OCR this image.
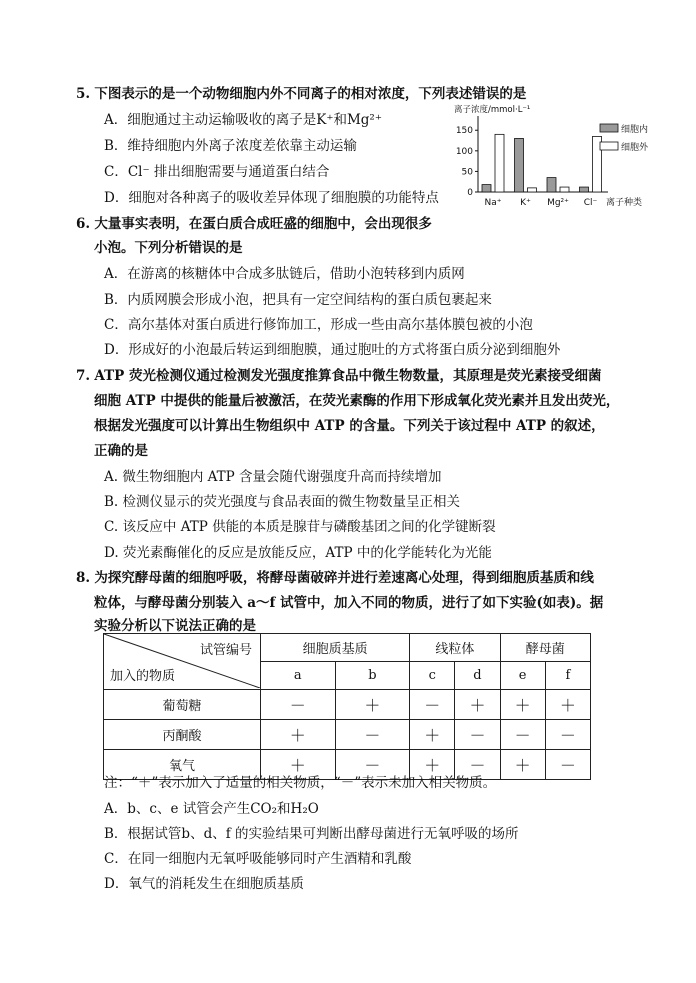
5. 下图表示的是一个动物细胞内外不同离子的相对浓度，下列表述错误的是
A．细胞通过主动运输吸收的离子是K⁺和Mg²⁺
B．维持细胞内外离子浓度差依靠主动运输
C．Cl⁻ 排出细胞需要与通道蛋白结合
D．细胞对各种离子的吸收差异体现了细胞膜的功能特点
离子浓度/mmol·L⁻¹
0
50
100
150
Na⁺ K⁺ Mg²⁺ Cl⁻ 离子种类
细胞内
细胞外
6. 大量事实表明，在蛋白质合成旺盛的细胞中，会出现很多
小泡。下列分析错误的是
A．在游离的核糖体中合成多肽链后，借助小泡转移到内质网
B．内质网膜会形成小泡，把具有一定空间结构的蛋白质包裹起来
C．高尔基体对蛋白质进行修饰加工，形成一些由高尔基体膜包被的小泡
D．形成好的小泡最后转运到细胞膜，通过胞吐的方式将蛋白质分泌到细胞外
7. ATP 荧光检测仪通过检测发光强度推算食品中微生物数量，其原理是荧光素接受细菌
细胞 ATP 中提供的能量后被激活，在荧光素酶的作用下形成氧化荧光素并且发出荧光，
根据发光强度可以计算出生物组织中 ATP 的含量。下列关于该过程中 ATP 的叙述，
正确的是
A. 微生物细胞内 ATP 含量会随代谢强度升高而持续增加
B. 检测仪显示的荧光强度与食品表面的微生物数量呈正相关
C. 该反应中 ATP 供能的本质是腺苷与磷酸基团之间的化学键断裂
D. 荧光素酶催化的反应是放能反应，ATP 中的化学能转化为光能
8. 为探究酵母菌的细胞呼吸，将酵母菌破碎并进行差速离心处理，得到细胞质基质和线
粒体，与酵母菌分别装入 a～f 试管中，加入不同的物质，进行了如下实验(如表)。据
实验分析以下说法正确的是
试管编号
加入的物质	细胞质基质		线粒体		酵母菌	
	a	b	c	d	e	f
葡萄糖	－	＋	－	＋	＋	＋
丙酮酸	＋	－	＋	－	－	－
氧气	＋	－	＋	－	＋	－
注：“＋”表示加入了适量的相关物质，“－”表示未加入相关物质。
A．b、c、e 试管会产生CO₂和H₂O
B．根据试管b、d、f 的实验结果可判断出酵母菌进行无氧呼吸的场所
C．在同一细胞内无氧呼吸能够同时产生酒精和乳酸
D．氧气的消耗发生在细胞质基质
